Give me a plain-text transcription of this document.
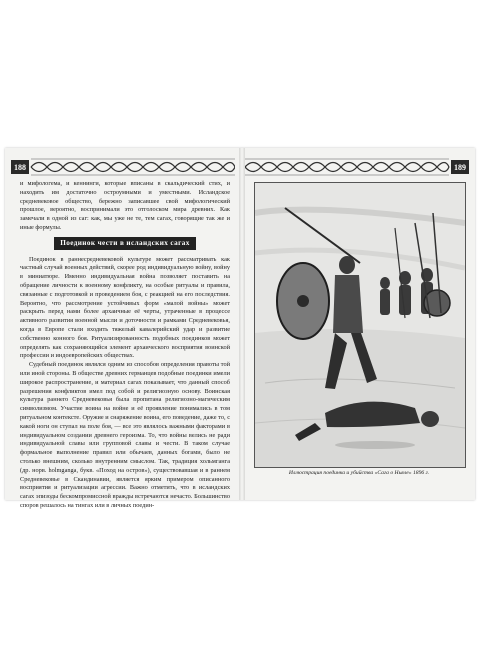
188	189

и мифологема, и кеннинги, которые вписаны в скальдический стих, и находить им достаточно остроумными и уместными. Исландское средневековое общество, бережно записавшее свой мифологический прошлое, вероятно, воспринимали это отголоском мира древних. Как замечали в одной из саг: как, мы уже не те, тем сагах, говорящие так же и иные формулы.

Поединок чести в исландских сагах

Поединок в раннесредневековой культуре может рассматривать как частный случай военных действий, скорее род индивидуальную войну, войну в миниатюре. Именно индивидуальная война позволяет поставить на обращение личности к военному конфликту, на особые ритуалы и правила, связанные с подготовкой и проведением боя, с реакцией на его последствия. Вероятно, что рассмотрение устойчивых форм «малой войны» может раскрыть перед нами более архаичные её черты, утраченные в процессе активного развития военной мысли и доточности и рамками Средневековья, когда в Европе стали входить тяжелый кавалерийский удар и развитие собственно конного боя. Ритуализированность подобных поединков может определять как сохраняющийся элемент архаического восприятия воинской профессии и индоевропейских обществах.

Судебный поединок являлся одним из способов определения правоты той или иной стороны. В обществе древних германцев подобные поединки имели широкое распространение, и материал сагах показывает, что данный способ разрешения конфликтов имел под собой и религиозную основу. Воинская культура раннего Средневековья была пропитана религиозно-магическим символизмом. Участие воина на войне и её проявление понимались в том ритуальном контексте. Оружие и снаряжение воина, его поведение, даже то, с какой ноги он ступал на поле боя, — все это являлось важными факторами в индивидуальном создании древнего героизма. То, что войны велись не ради индивидуальной славы или групповой славы и чести. В таком случае формальное выполнение правил или обычаев, данных богами, было не столько внешним, сколько внутренним смыслом. Так, традиция хольмганга (др. норв. holmganga, букв. «Поход на остров»), существовавшая и в раннем Средневековье в Скандинавии, является ярким примером описанного восприятия и ритуализации агрессии. Важно отметить, что в исландских сагах эпизоды бескомпромиссной вражды встречаются нечасто. Большинство споров решалось на тингах или в личных поедин-

Иллюстрация поединка и убийства «Сага о Ньяле» 1896 г.
